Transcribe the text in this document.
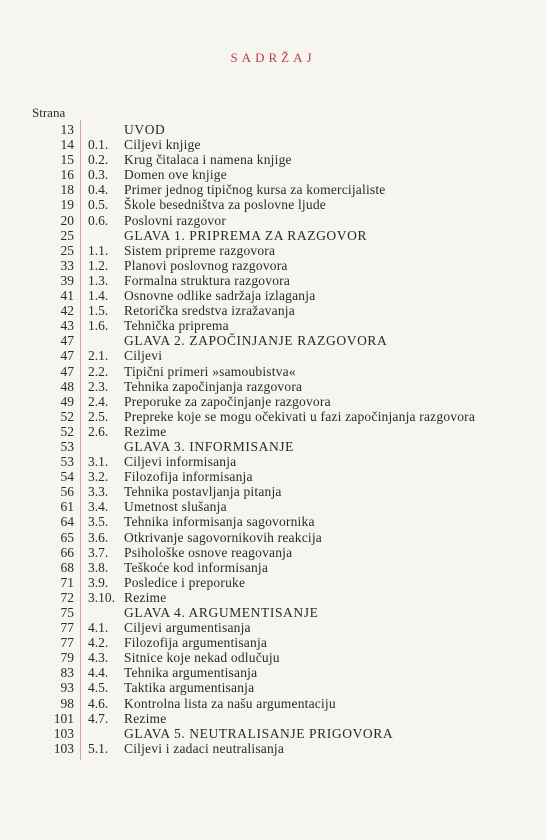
SADRŽAJ
Strana
13	UVOD
14	0.1.	Ciljevi knjige
15	0.2.	Krug čitalaca i namena knjige
16	0.3.	Domen ove knjige
18	0.4.	Primer jednog tipičnog kursa za komercijaliste
19	0.5.	Škole besedništva za poslovne ljude
20	0.6.	Poslovni razgovor
25	GLAVA 1. PRIPREMA ZA RAZGOVOR
25	1.1.	Sistem pripreme razgovora
33	1.2.	Planovi poslovnog razgovora
39	1.3.	Formalna struktura razgovora
41	1.4.	Osnovne odlike sadržaja izlaganja
42	1.5.	Retorička sredstva izražavanja
43	1.6.	Tehnička priprema
47	GLAVA 2. ZAPOČINJANJE RAZGOVORA
47	2.1.	Ciljevi
47	2.2.	Tipični primeri »samoubistva«
48	2.3.	Tehnika započinjanja razgovora
49	2.4.	Preporuke za započinjanje razgovora
52	2.5.	Prepreke koje se mogu očekivati u fazi započinjanja razgovora
52	2.6.	Rezime
53	GLAVA 3. INFORMISANJE
53	3.1.	Ciljevi informisanja
54	3.2.	Filozofija informisanja
56	3.3.	Tehnika postavljanja pitanja
61	3.4.	Umetnost slušanja
64	3.5.	Tehnika informisanja sagovornika
65	3.6.	Otkrivanje sagovornikovih reakcija
66	3.7.	Psihološke osnove reagovanja
68	3.8.	Teškoće kod informisanja
71	3.9.	Posledice i preporuke
72	3.10. Rezime
75	GLAVA 4. ARGUMENTISANJE
77	4.1.	Ciljevi argumentisanja
77	4.2.	Filozofija argumentisanja
79	4.3.	Sitnice koje nekad odlučuju
83	4.4.	Tehnika argumentisanja
93	4.5.	Taktika argumentisanja
98	4.6.	Kontrolna lista za našu argumentaciju
101	4.7.	Rezime
103	GLAVA 5. NEUTRALISANJE PRIGOVORA
103	5.1.	Ciljevi i zadaci neutralisanja
